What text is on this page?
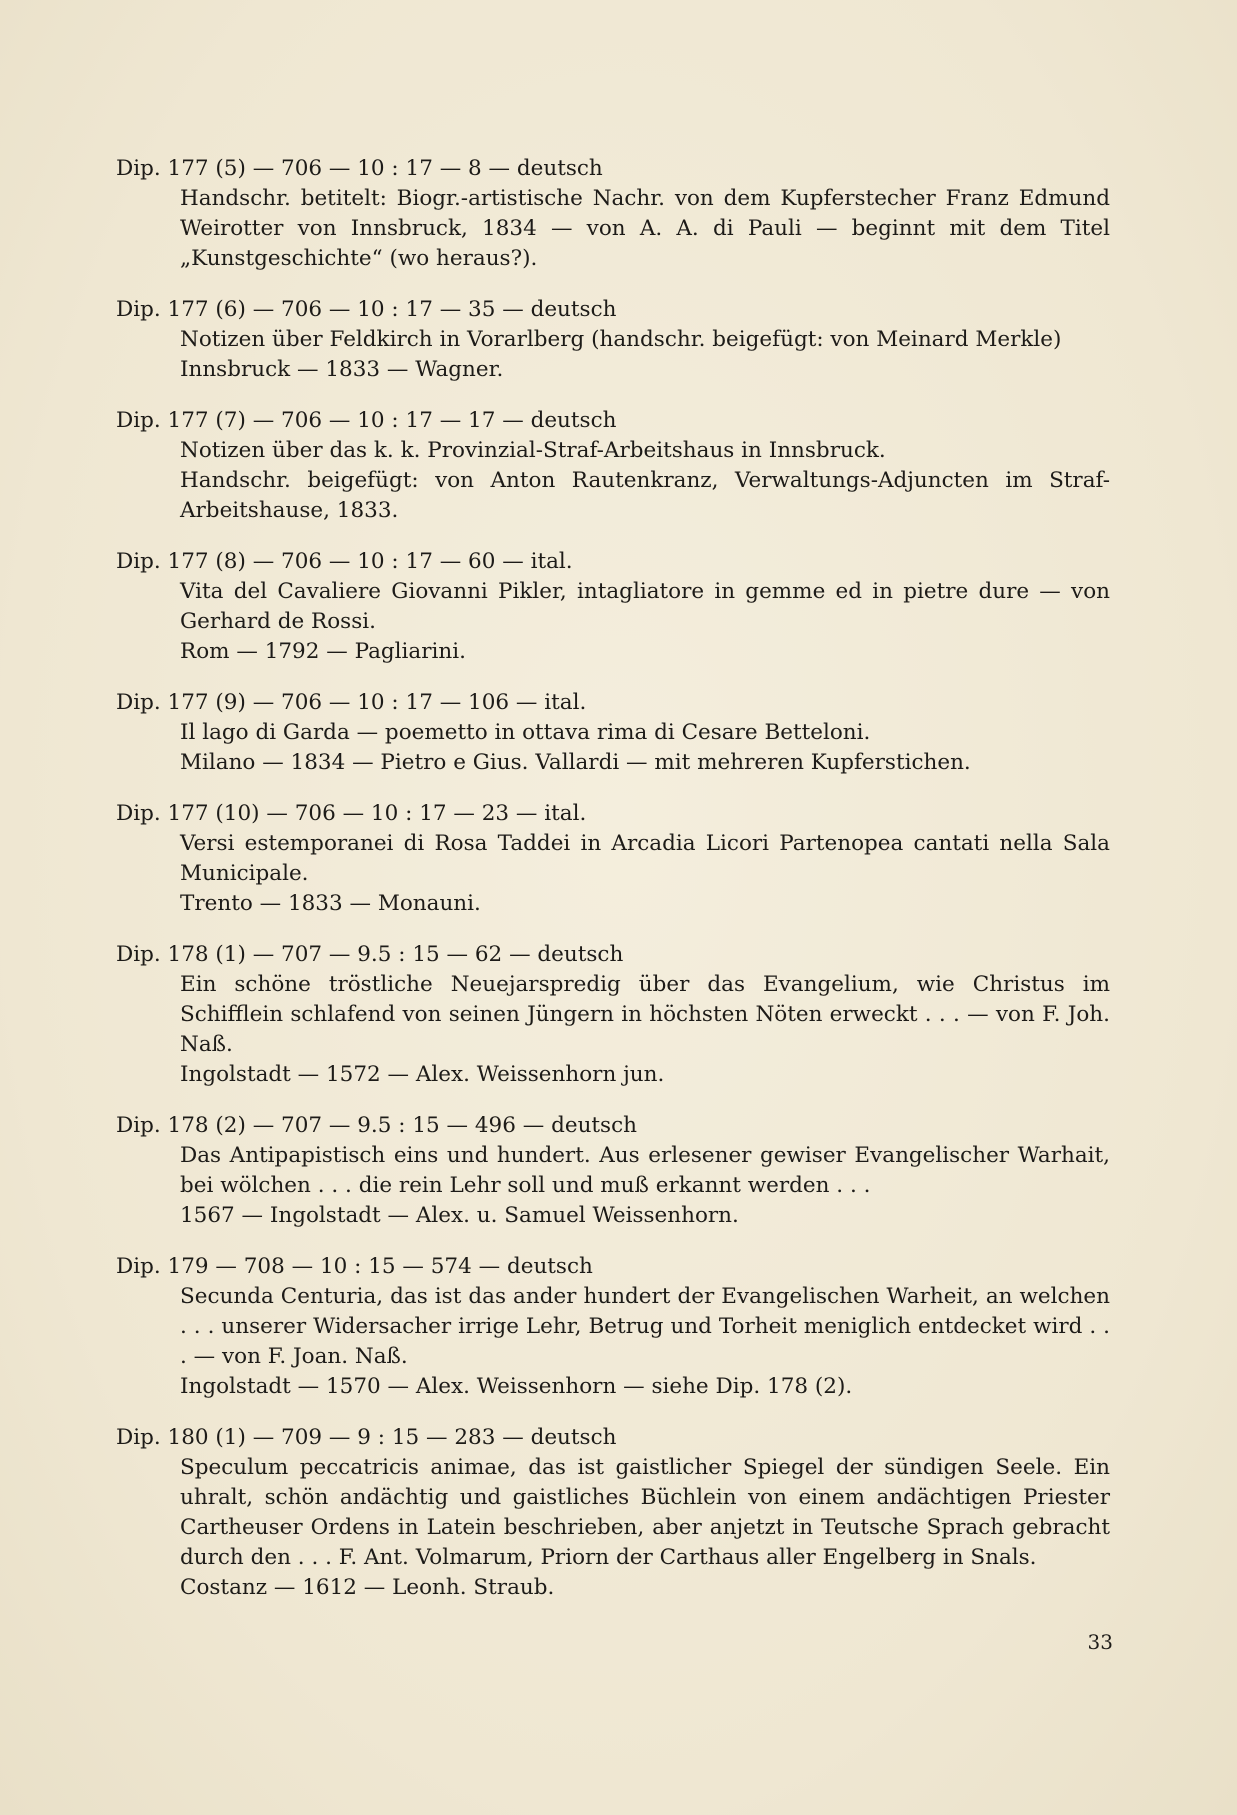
Dip. 177 (5) — 706 — 10 : 17 — 8 — deutsch
Handschr. betitelt: Biogr.-artistische Nachr. von dem Kupferstecher Franz Edmund Weirotter von Innsbruck, 1834 — von A. A. di Pauli — beginnt mit dem Titel „Kunstgeschichte“ (wo heraus?).
Dip. 177 (6) — 706 — 10 : 17 — 35 — deutsch
Notizen über Feldkirch in Vorarlberg (handschr. beigefügt: von Meinard Merkle)
Innsbruck — 1833 — Wagner.
Dip. 177 (7) — 706 — 10 : 17 — 17 — deutsch
Notizen über das k. k. Provinzial-Straf-Arbeitshaus in Innsbruck.
Handschr. beigefügt: von Anton Rautenkranz, Verwaltungs-Adjuncten im Straf-Arbeitshause, 1833.
Dip. 177 (8) — 706 — 10 : 17 — 60 — ital.
Vita del Cavaliere Giovanni Pikler, intagliatore in gemme ed in pietre dure — von Gerhard de Rossi.
Rom — 1792 — Pagliarini.
Dip. 177 (9) — 706 — 10 : 17 — 106 — ital.
Il lago di Garda — poemetto in ottava rima di Cesare Betteloni.
Milano — 1834 — Pietro e Gius. Vallardi — mit mehreren Kupferstichen.
Dip. 177 (10) — 706 — 10 : 17 — 23 — ital.
Versi estemporanei di Rosa Taddei in Arcadia Licori Partenopea cantati nella Sala Municipale.
Trento — 1833 — Monauni.
Dip. 178 (1) — 707 — 9.5 : 15 — 62 — deutsch
Ein schöne tröstliche Neuejarspredig über das Evangelium, wie Christus im Schifflein schlafend von seinen Jüngern in höchsten Nöten erweckt . . . — von F. Joh. Naß.
Ingolstadt — 1572 — Alex. Weissenhorn jun.
Dip. 178 (2) — 707 — 9.5 : 15 — 496 — deutsch
Das Antipapistisch eins und hundert. Aus erlesener gewiser Evangelischer Warhait, bei wölchen . . . die rein Lehr soll und muß erkannt werden . . .
1567 — Ingolstadt — Alex. u. Samuel Weissenhorn.
Dip. 179 — 708 — 10 : 15 — 574 — deutsch
Secunda Centuria, das ist das ander hundert der Evangelischen Warheit, an welchen . . . unserer Widersacher irrige Lehr, Betrug und Torheit meniglich entdecket wird . . . — von F. Joan. Naß.
Ingolstadt — 1570 — Alex. Weissenhorn — siehe Dip. 178 (2).
Dip. 180 (1) — 709 — 9 : 15 — 283 — deutsch
Speculum peccatricis animae, das ist gaistlicher Spiegel der sündigen Seele. Ein uhralt, schön andächtig und gaistliches Büchlein von einem andächtigen Priester Cartheuser Ordens in Latein beschrieben, aber anjetzt in Teutsche Sprach gebracht durch den . . . F. Ant. Volmarum, Priorn der Carthaus aller Engelberg in Snals.
Costanz — 1612 — Leonh. Straub.
33
